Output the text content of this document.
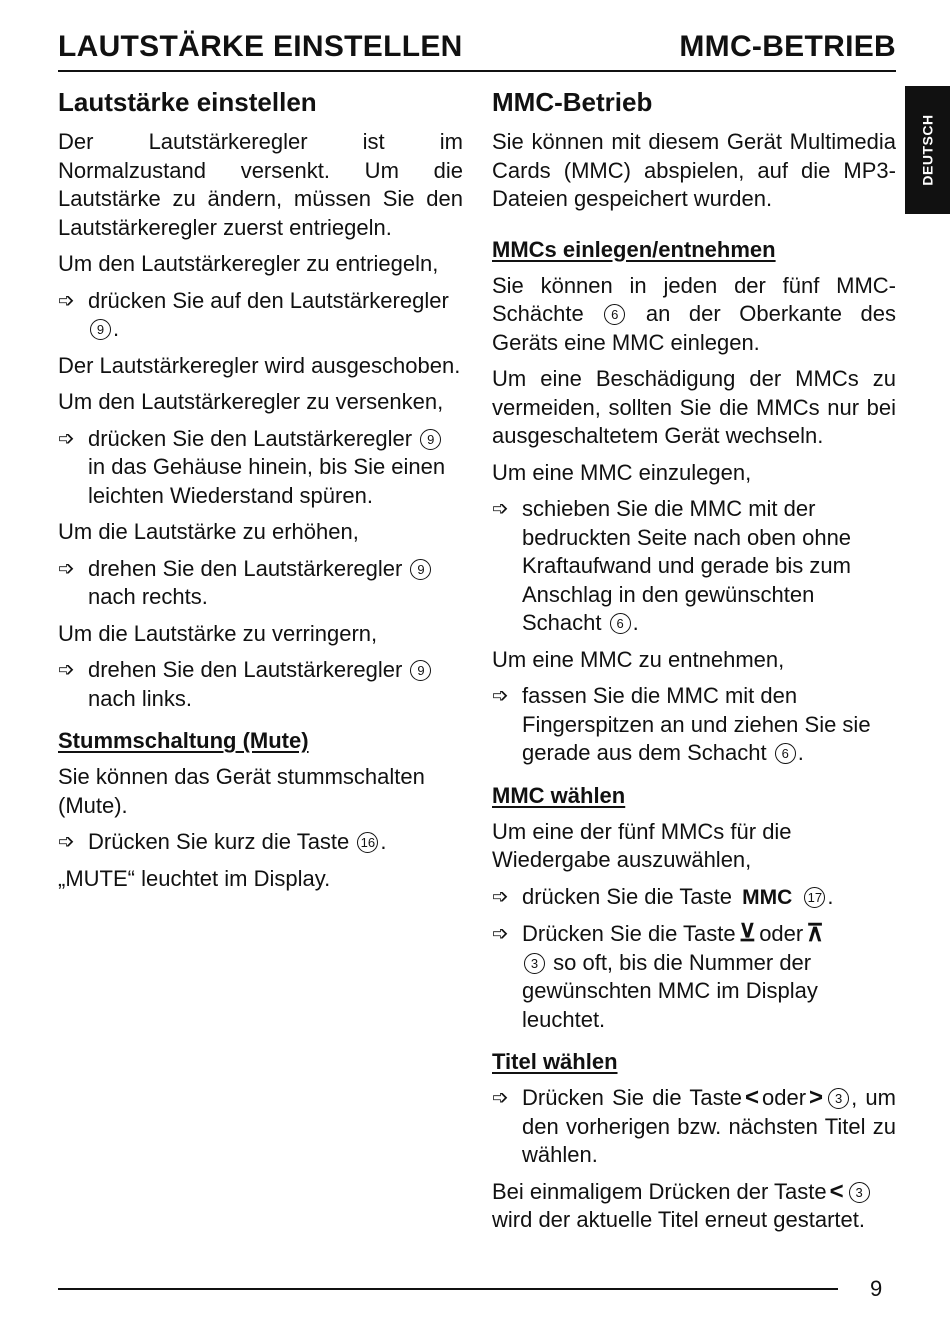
LAUTSTÄRKE EINSTELLEN	MMC-BETRIEB
DEUTSCH
Lautstärke einstellen

Der Lautstärkeregler ist im Normalzustand versenkt. Um die Lautstärke zu ändern, müssen Sie den Lautstärkeregler zuerst entriegeln.

Um den Lautstärkeregler zu entriegeln,

➩ drücken Sie auf den Lautstärkeregler 9 .

Der Lautstärkeregler wird ausgeschoben.

Um den Lautstärkeregler zu versenken,

➩ drücken Sie den Lautstärkeregler 9 in das Gehäuse hinein, bis Sie einen leichten Wiederstand spüren.

Um die Lautstärke zu erhöhen,

➩ drehen Sie den Lautstärkeregler 9 nach rechts.

Um die Lautstärke zu verringern,

➩ drehen Sie den Lautstärkeregler 9 nach links.
Stummschaltung (Mute)

Sie können das Gerät stummschalten (Mute).

➩ Drücken Sie kurz die Taste 16 .

„MUTE“ leuchtet im Display.

MMC-Betrieb

Sie können mit diesem Gerät Multimedia Cards (MMC) abspielen, auf die MP3-Dateien gespeichert wurden.

MMCs einlegen/entnehmen

Sie können in jeden der fünf MMC-Schächte 6 an der Oberkante des Geräts eine MMC einlegen.

Um eine Beschädigung der MMCs zu vermeiden, sollten Sie die MMCs nur bei ausgeschaltetem Gerät wechseln.

Um eine MMC einzulegen,

➩ schieben Sie die MMC mit der bedruckten Seite nach oben ohne Kraftaufwand und gerade bis zum Anschlag in den gewünschten Schacht 6 .

Um eine MMC zu entnehmen,

➩ fassen Sie die MMC mit den Fingerspitzen an und ziehen Sie sie gerade aus dem Schacht 6 .
MMC wählen

Um eine der fünf MMCs für die Wiedergabe auszuwählen,

➩ drücken Sie die Taste MMC 17 .
➩ Drücken Sie die Taste ⊻ oder ⊼
3 so oft, bis die Nummer der gewünschten MMC im Display leuchtet.
Titel wählen
➩ Drücken Sie die Taste < oder > 3 , um den vorherigen bzw. nächsten Titel zu wählen.

Bei einmaligem Drücken der Taste < 3 wird der aktuelle Titel erneut gestartet.

9
